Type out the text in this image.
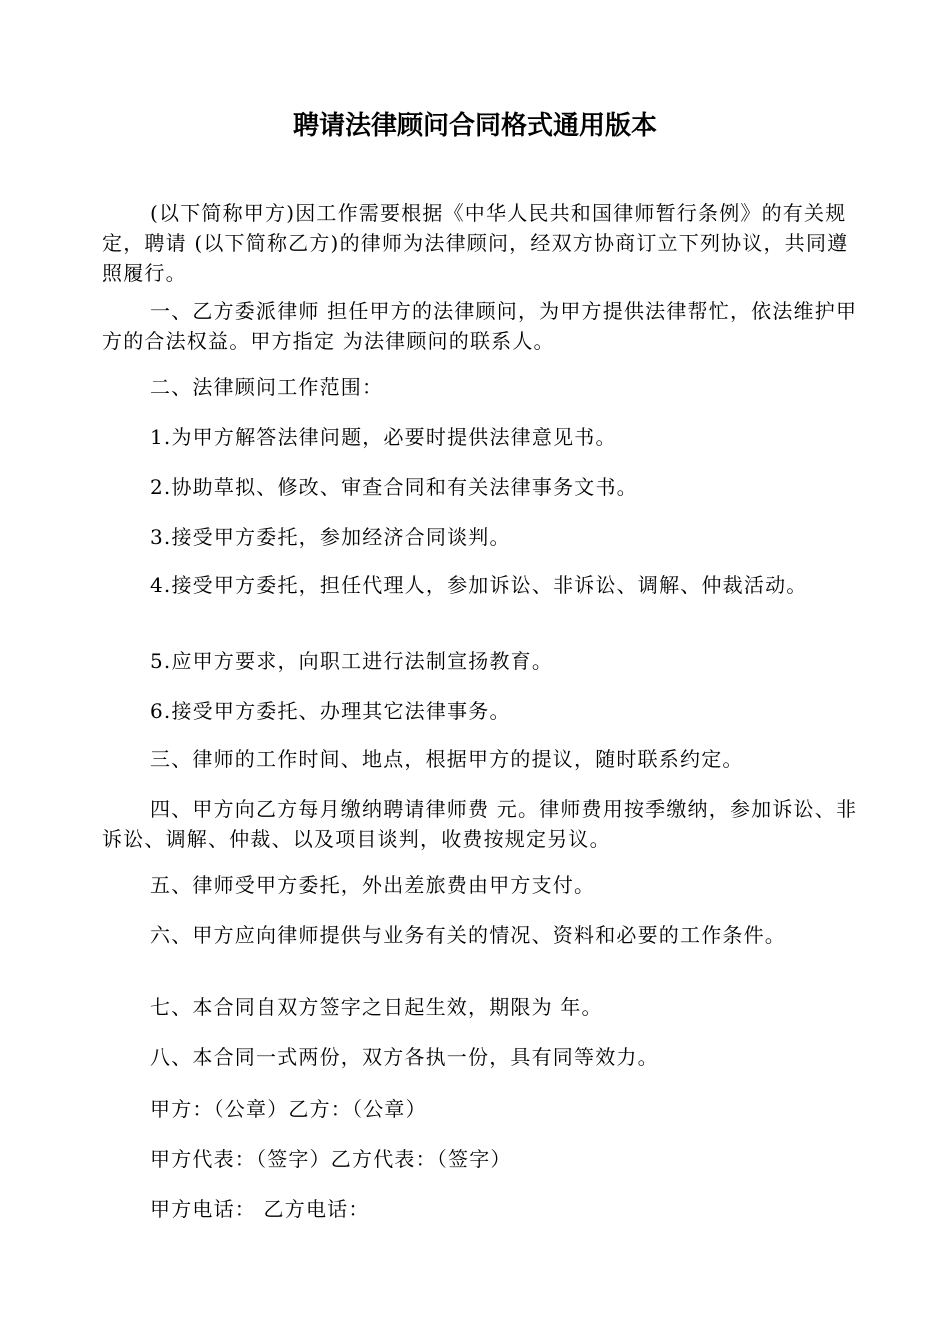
聘请法律顾问合同格式通用版本

(以下简称甲方)因工作需要根据《中华人民共和国律师暂行条例》的有关规定，聘请 (以下简称乙方)的律师为法律顾问，经双方协商订立下列协议，共同遵照履行。

一、乙方委派律师 担任甲方的法律顾问，为甲方提供法律帮忙，依法维护甲方的合法权益。甲方指定 为法律顾问的联系人。

二、法律顾问工作范围：

1.为甲方解答法律问题，必要时提供法律意见书。

2.协助草拟、修改、审查合同和有关法律事务文书。

3.接受甲方委托，参加经济合同谈判。

4.接受甲方委托，担任代理人，参加诉讼、非诉讼、调解、仲裁活动。

5.应甲方要求，向职工进行法制宣扬教育。

6.接受甲方委托、办理其它法律事务。

三、律师的工作时间、地点，根据甲方的提议，随时联系约定。

四、甲方向乙方每月缴纳聘请律师费 元。律师费用按季缴纳，参加诉讼、非诉讼、调解、仲裁、以及项目谈判，收费按规定另议。

五、律师受甲方委托，外出差旅费由甲方支付。

六、甲方应向律师提供与业务有关的情况、资料和必要的工作条件。

七、本合同自双方签字之日起生效，期限为 年。

八、本合同一式两份，双方各执一份，具有同等效力。

甲方：（公章）乙方：（公章）

甲方代表：（签字）乙方代表：（签字）

甲方电话： 乙方电话：
